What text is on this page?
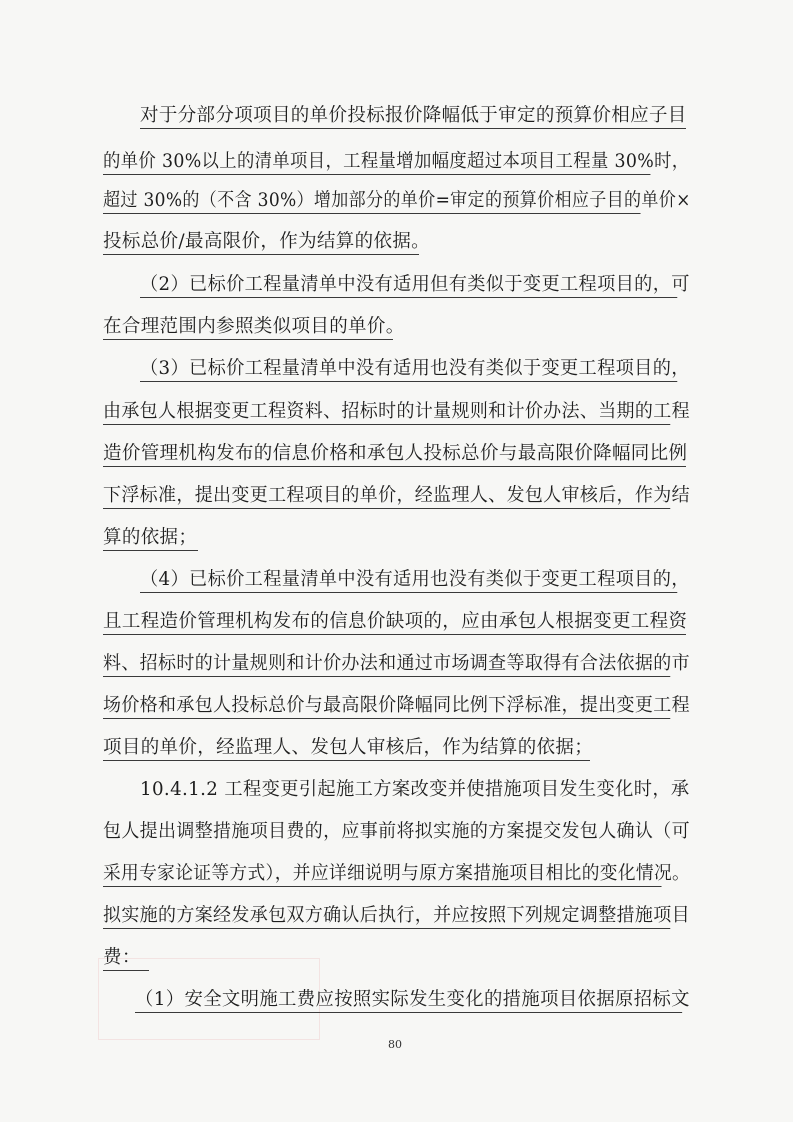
对于分部分项项目的单价投标报价降幅低于审定的预算价相应子目
的单价 30%以上的清单项目，工程量增加幅度超过本项目工程量 30%时，
超过 30%的（不含 30%）增加部分的单价=审定的预算价相应子目的单价×
投标总价/最高限价，作为结算的依据。
（2）已标价工程量清单中没有适用但有类似于变更工程项目的，可
在合理范围内参照类似项目的单价。
（3）已标价工程量清单中没有适用也没有类似于变更工程项目的，
由承包人根据变更工程资料、招标时的计量规则和计价办法、当期的工程
造价管理机构发布的信息价格和承包人投标总价与最高限价降幅同比例
下浮标准，提出变更工程项目的单价，经监理人、发包人审核后，作为结
算的依据；
（4）已标价工程量清单中没有适用也没有类似于变更工程项目的，
且工程造价管理机构发布的信息价缺项的，应由承包人根据变更工程资
料、招标时的计量规则和计价办法和通过市场调查等取得有合法依据的市
场价格和承包人投标总价与最高限价降幅同比例下浮标准，提出变更工程
项目的单价，经监理人、发包人审核后，作为结算的依据；
10.4.1.2 工程变更引起施工方案改变并使措施项目发生变化时，承
包人提出调整措施项目费的，应事前将拟实施的方案提交发包人确认（可
采用专家论证等方式），并应详细说明与原方案措施项目相比的变化情况。
拟实施的方案经发承包双方确认后执行，并应按照下列规定调整措施项目
费：
（1）安全文明施工费应按照实际发生变化的措施项目依据原招标文
80
